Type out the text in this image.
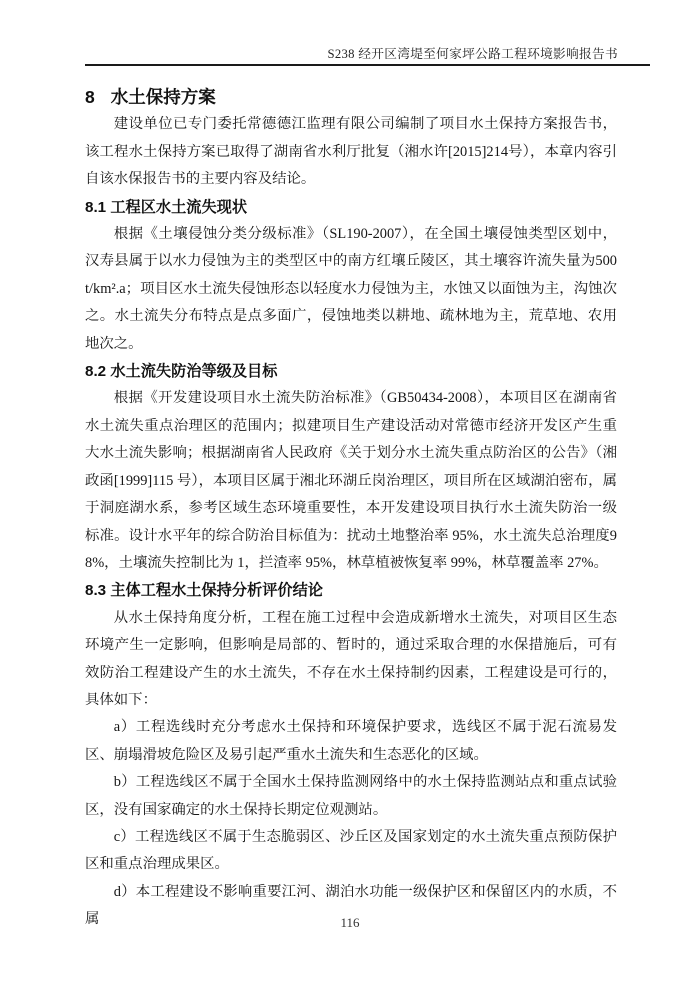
S238 经开区湾堤至何家坪公路工程环境影响报告书
8 水土保持方案

建设单位已专门委托常德德江监理有限公司编制了项目水土保持方案报告书，该工程水土保持方案已取得了湖南省水利厅批复（湘水许[2015]214号），本章内容引自该水保报告书的主要内容及结论。

8.1 工程区水土流失现状

根据《土壤侵蚀分类分级标准》（SL190-2007），在全国土壤侵蚀类型区划中，汉寿县属于以水力侵蚀为主的类型区中的南方红壤丘陵区，其土壤容许流失量为500t/km².a；项目区水土流失侵蚀形态以轻度水力侵蚀为主，水蚀又以面蚀为主，沟蚀次之。水土流失分布特点是点多面广，侵蚀地类以耕地、疏林地为主，荒草地、农用地次之。

8.2 水土流失防治等级及目标

根据《开发建设项目水土流失防治标准》（GB50434-2008），本项目区在湖南省水土流失重点治理区的范围内；拟建项目生产建设活动对常德市经济开发区产生重大水土流失影响；根据湖南省人民政府《关于划分水土流失重点防治区的公告》（湘政函[1999]115 号），本项目区属于湘北环湖丘岗治理区，项目所在区域湖泊密布，属于洞庭湖水系，参考区域生态环境重要性，本开发建设项目执行水土流失防治一级标准。设计水平年的综合防治目标值为：扰动土地整治率 95%，水土流失总治理度98%，土壤流失控制比为 1，拦渣率 95%，林草植被恢复率 99%，林草覆盖率 27%。

8.3 主体工程水土保持分析评价结论

从水土保持角度分析，工程在施工过程中会造成新增水土流失，对项目区生态环境产生一定影响，但影响是局部的、暂时的，通过采取合理的水保措施后，可有效防治工程建设产生的水土流失，不存在水土保持制约因素，工程建设是可行的，具体如下：

a）工程选线时充分考虑水土保持和环境保护要求，选线区不属于泥石流易发区、崩塌滑坡危险区及易引起严重水土流失和生态恶化的区域。

b）工程选线区不属于全国水土保持监测网络中的水土保持监测站点和重点试验区，没有国家确定的水土保持长期定位观测站。

c）工程选线区不属于生态脆弱区、沙丘区及国家划定的水土流失重点预防保护区和重点治理成果区。

d）本工程建设不影响重要江河、湖泊水功能一级保护区和保留区内的水质，不属	116
